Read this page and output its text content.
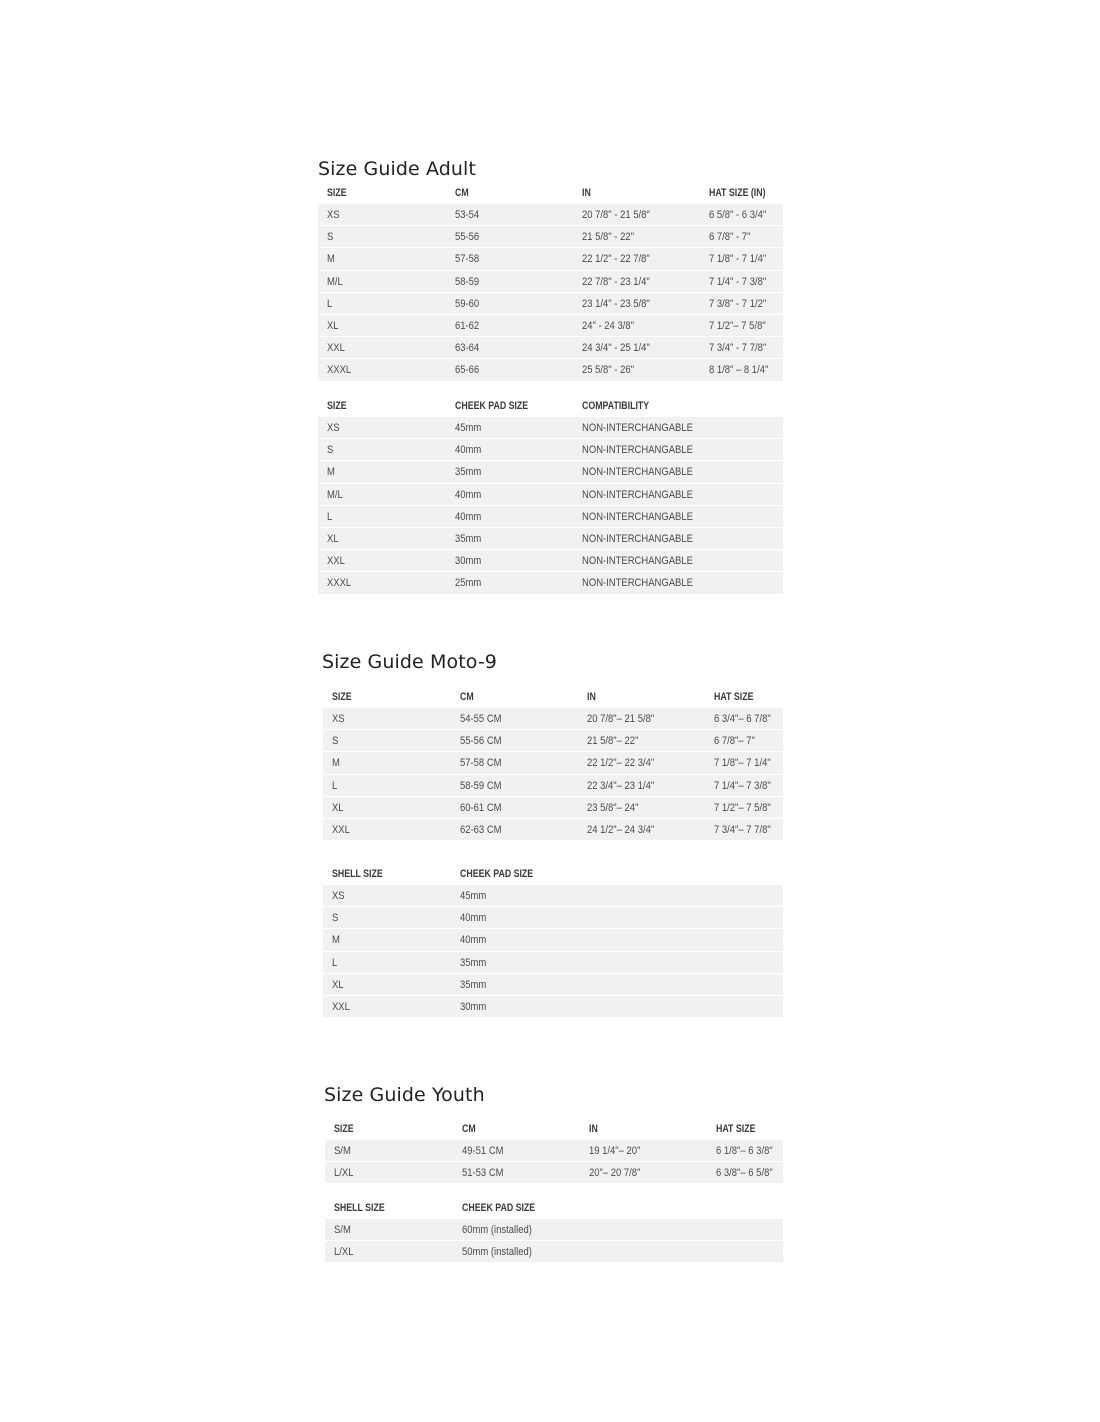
Size Guide Adult
SIZE	CM	IN	HAT SIZE (IN)
XS	53-54	20 7/8" - 21 5/8"	6 5/8" - 6 3/4"
S	55-56	21 5/8" - 22"	6 7/8" - 7"
M	57-58	22 1/2" - 22 7/8"	7 1/8" - 7 1/4"
M/L	58-59	22 7/8" - 23 1/4"	7 1/4" - 7 3/8"
L	59-60	23 1/4" - 23 5/8"	7 3/8" - 7 1/2"
XL	61-62	24" - 24 3/8"	7 1/2"– 7 5/8"
XXL	63-64	24 3/4" - 25 1/4"	7 3/4" - 7 7/8"
XXXL	65-66	25 5/8" - 26"	8 1/8" – 8 1/4"
SIZE	CHEEK PAD SIZE	COMPATIBILITY
XS	45mm	NON-INTERCHANGABLE
S	40mm	NON-INTERCHANGABLE
M	35mm	NON-INTERCHANGABLE
M/L	40mm	NON-INTERCHANGABLE
L	40mm	NON-INTERCHANGABLE
XL	35mm	NON-INTERCHANGABLE
XXL	30mm	NON-INTERCHANGABLE
XXXL	25mm	NON-INTERCHANGABLE
Size Guide Moto-9
SIZE	CM	IN	HAT SIZE
XS	54-55 CM	20 7/8"– 21 5/8"	6 3/4"– 6 7/8"
S	55-56 CM	21 5/8"– 22"	6 7/8"– 7"
M	57-58 CM	22 1/2"– 22 3/4"	7 1/8"– 7 1/4"
L	58-59 CM	22 3/4"– 23 1/4"	7 1/4"– 7 3/8"
XL	60-61 CM	23 5/8"– 24"	7 1/2"– 7 5/8"
XXL	62-63 CM	24 1/2"– 24 3/4"	7 3/4"– 7 7/8"
SHELL SIZE	CHEEK PAD SIZE
XS	45mm
S	40mm
M	40mm
L	35mm
XL	35mm
XXL	30mm
Size Guide Youth
SIZE	CM	IN	HAT SIZE
S/M	49-51 CM	19 1/4"– 20"	6 1/8"– 6 3/8"
L/XL	51-53 CM	20"– 20 7/8"	6 3/8"– 6 5/8"
SHELL SIZE	CHEEK PAD SIZE
S/M	60mm (installed)
L/XL	50mm (installed)
